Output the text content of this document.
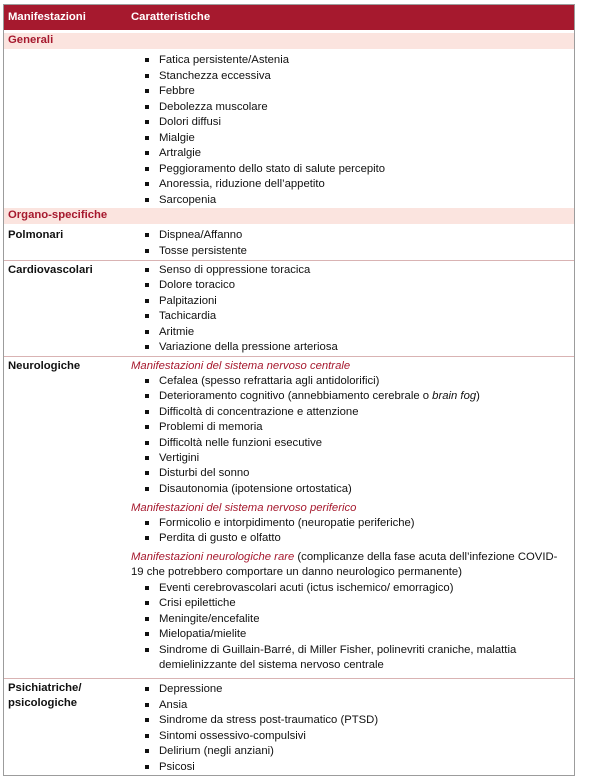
Manifestazioni	Caratteristiche
Generali
Fatica persistente/Astenia
Stanchezza eccessiva
Febbre
Debolezza muscolare
Dolori diffusi
Mialgie
Artralgie
Peggioramento dello stato di salute percepito
Anoressia, riduzione dell’appetito
Sarcopenia
Organo-specifiche
Polmonari	Dispnea/Affanno
Tosse persistente
Cardiovascolari	Senso di oppressione toracica
Dolore toracico
Palpitazioni
Tachicardia
Aritmie
Variazione della pressione arteriosa
Neurologiche	Manifestazioni del sistema nervoso centrale
Cefalea (spesso refrattaria agli antidolorifici)
Deterioramento cognitivo (annebbiamento cerebrale o brain fog)
Difficoltà di concentrazione e attenzione
Problemi di memoria
Difficoltà nelle funzioni esecutive
Vertigini
Disturbi del sonno
Disautonomia (ipotensione ortostatica)
Manifestazioni del sistema nervoso periferico
Formicolio e intorpidimento (neuropatie periferiche)
Perdita di gusto e olfatto
Manifestazioni neurologiche rare (complicanze della fase acuta dell’infezione COVID-19 che potrebbero comportare un danno neurologico permanente)
Eventi cerebrovascolari acuti (ictus ischemico/ emorragico)
Crisi epilettiche
Meningite/encefalite
Mielopatia/mielite
Sindrome di Guillain-Barré, di Miller Fisher, polinevriti craniche, malattia demielinizzante del sistema nervoso centrale
Psichiatriche/ psicologiche
Depressione
Ansia
Sindrome da stress post-traumatico (PTSD)
Sintomi ossessivo-compulsivi
Delirium (negli anziani)
Psicosi
